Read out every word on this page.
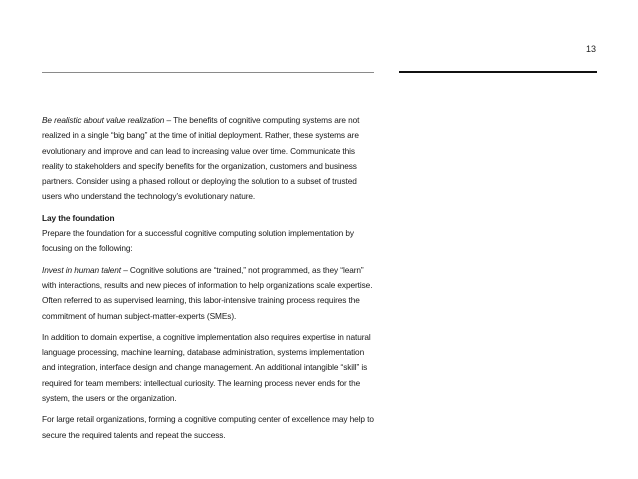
13

Be realistic about value realization – The benefits of cognitive computing systems are not realized in a single “big bang” at the time of initial deployment. Rather, these systems are evolutionary and improve and can lead to increasing value over time. Communicate this reality to stakeholders and specify benefits for the organization, customers and business partners. Consider using a phased rollout or deploying the solution to a subset of trusted users who understand the technology’s evolutionary nature.

Lay the foundation
Prepare the foundation for a successful cognitive computing solution implementation by focusing on the following:

Invest in human talent – Cognitive solutions are “trained,” not programmed, as they “learn” with interactions, results and new pieces of information to help organizations scale expertise. Often referred to as supervised learning, this labor-intensive training process requires the commitment of human subject-matter-experts (SMEs).

In addition to domain expertise, a cognitive implementation also requires expertise in natural language processing, machine learning, database administration, systems implementation and integration, interface design and change management. An additional intangible “skill” is required for team members: intellectual curiosity. The learning process never ends for the system, the users or the organization.

For large retail organizations, forming a cognitive computing center of excellence may help to secure the required talents and repeat the success.
